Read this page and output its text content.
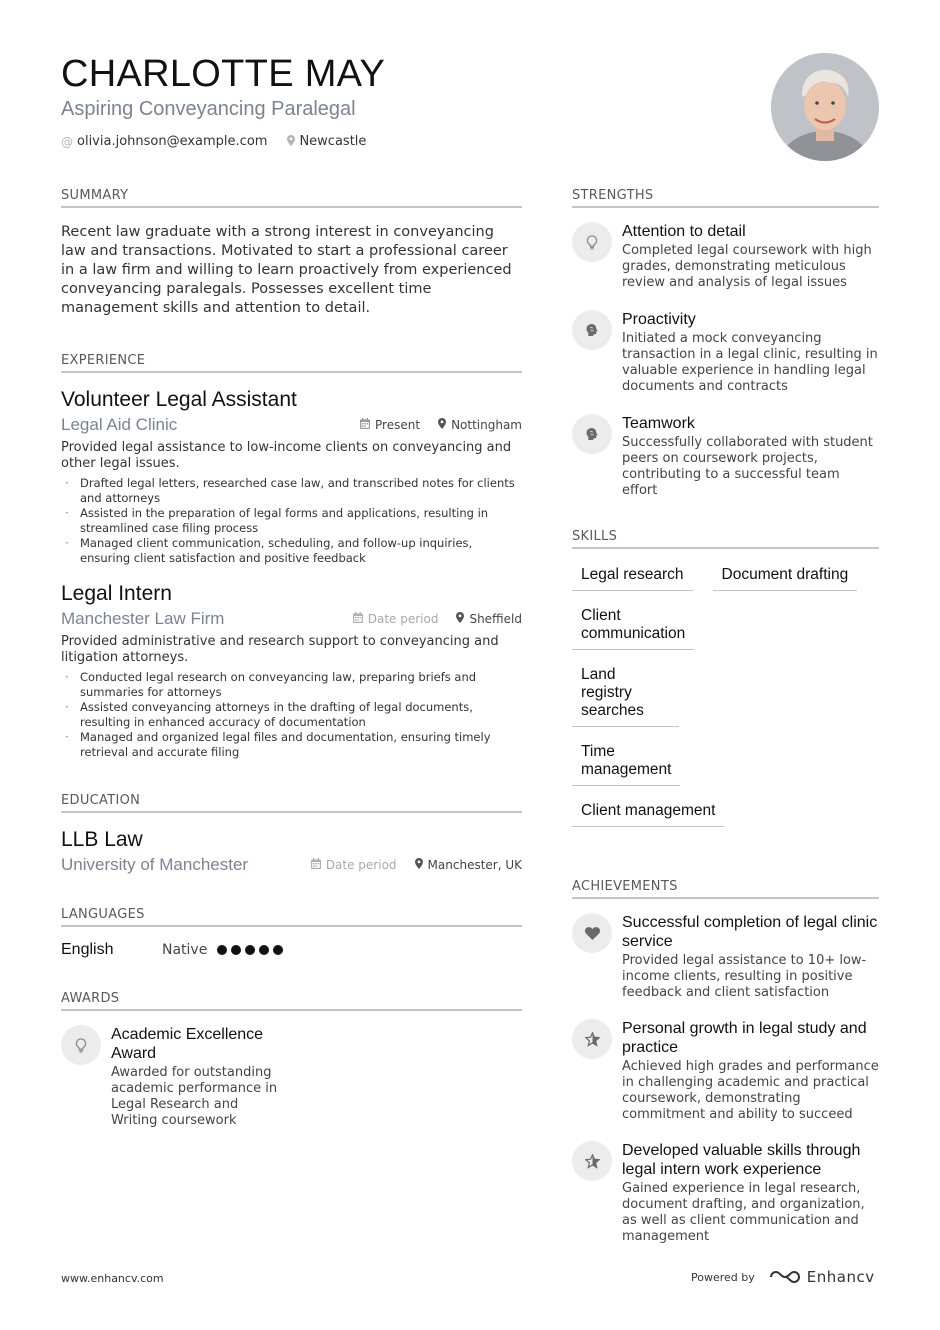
CHARLOTTE MAY
Aspiring Conveyancing Paralegal
@ olivia.johnson@example.com Newcastle
SUMMARY
Recent law graduate with a strong interest in conveyancing law and transactions. Motivated to start a professional career in a law firm and willing to learn proactively from experienced conveyancing paralegals. Possesses excellent time management skills and attention to detail.
EXPERIENCE
Volunteer Legal Assistant
Legal Aid Clinic	Present	Nottingham
Provided legal assistance to low-income clients on conveyancing and other legal issues.
· Drafted legal letters, researched case law, and transcribed notes for clients and attorneys
· Assisted in the preparation of legal forms and applications, resulting in streamlined case filing process
· Managed client communication, scheduling, and follow-up inquiries, ensuring client satisfaction and positive feedback
Legal Intern
Manchester Law Firm	Date period	Sheffield
Provided administrative and research support to conveyancing and litigation attorneys.
· Conducted legal research on conveyancing law, preparing briefs and summaries for attorneys
· Assisted conveyancing attorneys in the drafting of legal documents, resulting in enhanced accuracy of documentation
· Managed and organized legal files and documentation, ensuring timely retrieval and accurate filing
EDUCATION
LLB Law
University of Manchester	Date period	Manchester, UK
LANGUAGES
English	Native
AWARDS
Academic Excellence Award
Awarded for outstanding academic performance in Legal Research and Writing coursework
STRENGTHS
Attention to detail
Completed legal coursework with high grades, demonstrating meticulous review and analysis of legal issues
Proactivity
Initiated a mock conveyancing transaction in a legal clinic, resulting in valuable experience in handling legal documents and contracts
Teamwork
Successfully collaborated with student peers on coursework projects, contributing to a successful team effort
SKILLS
Legal research	Document drafting
Client communication
Land registry searches
Time management
Client management
ACHIEVEMENTS
Successful completion of legal clinic service
Provided legal assistance to 10+ low-income clients, resulting in positive feedback and client satisfaction
Personal growth in legal study and practice
Achieved high grades and performance in challenging academic and practical coursework, demonstrating commitment and ability to succeed
Developed valuable skills through legal intern work experience
Gained experience in legal research, document drafting, and organization, as well as client communication and management
www.enhancv.com	Powered by	Enhancv
